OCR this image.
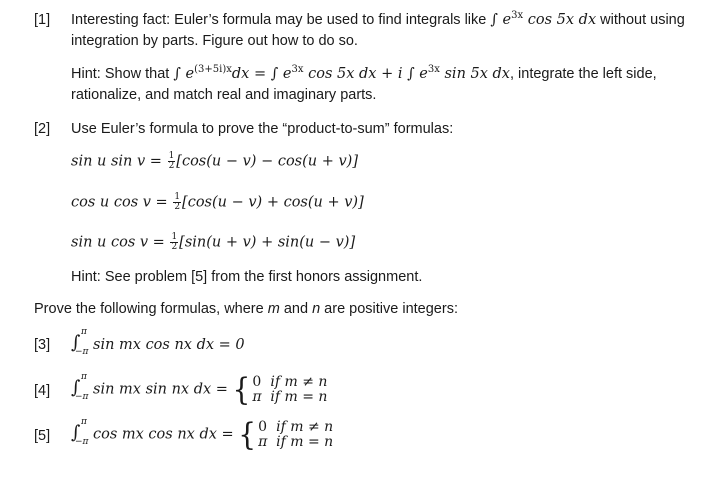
[1] Interesting fact: Euler’s formula may be used to find integrals like ∫ $e^{3x}$ cos 5x dx without using
integration by parts. Figure out how to do so.
Hint: Show that ∫ $e^{(3+5i)x}dx$ = ∫ $e^{3x}$ cos 5x dx + i ∫ $e^{3x}$ sin 5x dx, integrate the left side,
rationalize, and match real and imaginary parts.
[2] Use Euler’s formula to prove the “product-to-sum” formulas:
sin u $\sin v = \frac{1}{2} [\cos(u - v) - \cos(u + v)]$
cos u $\cos v = \frac{1}{2} [\cos(u - v) + \cos(u + v)]$
sin u $\cos v = \frac{1}{2} [\sin(u + v) + \sin(u - v)]$
Hint: See problem [5] from the first honors assignment.
Prove the following formulas, where m and n are positive integers:
[3] ∫ π
−π sin mx cos nx dx = 0
[4] ∫ π
−π sin mx sin nx dx = { 0 if m ≠ n
π if m = n
[5] ∫ π
−π cos mx cos nx dx = { 0 if m ≠ n
π if m = n
